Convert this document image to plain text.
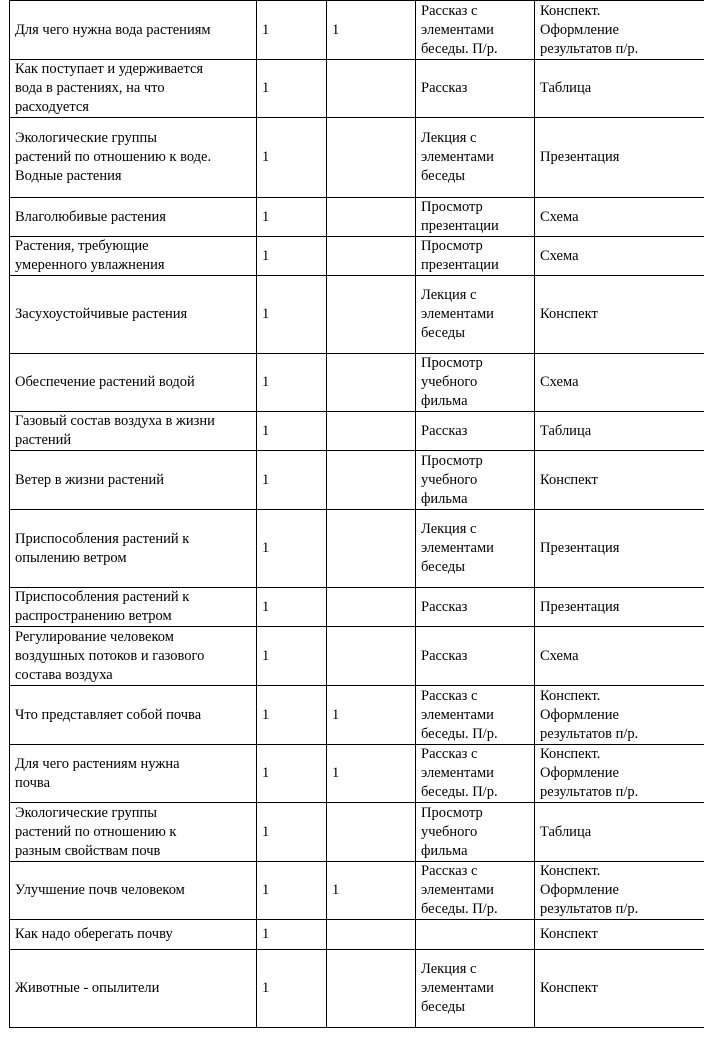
Для чего нужна вода растениям	1	1	Рассказ с
элементами
беседы. П/р.	Конспект.
Оформление
результатов п/р.
Как поступает и удерживается
вода в растениях, на что
расходуется	1		Рассказ	Таблица
Экологические группы
растений по отношению к воде.
Водные растения	1		Лекция с
элементами
беседы	Презентация
Влаголюбивые растения	1		Просмотр
презентации	Схема
Растения, требующие
умеренного увлажнения	1		Просмотр
презентации	Схема
Засухоустойчивые растения	1		Лекция с
элементами
беседы	Конспект
Обеспечение растений водой	1		Просмотр
учебного
фильма	Схема
Газовый состав воздуха в жизни
растений	1		Рассказ	Таблица
Ветер в жизни растений	1		Просмотр
учебного
фильма	Конспект
Приспособления растений к
опылению ветром	1		Лекция с
элементами
беседы	Презентация
Приспособления растений к
распространению ветром	1		Рассказ	Презентация
Регулирование человеком
воздушных потоков и газового
состава воздуха	1		Рассказ	Схема
Что представляет собой почва	1	1	Рассказ с
элементами
беседы. П/р.	Конспект.
Оформление
результатов п/р.
Для чего растениям нужна
почва	1	1	Рассказ с
элементами
беседы. П/р.	Конспект.
Оформление
результатов п/р.
Экологические группы
растений по отношению к
разным свойствам почв	1		Просмотр
учебного
фильма	Таблица
Улучшение почв человеком	1	1	Рассказ с
элементами
беседы. П/р.	Конспект.
Оформление
результатов п/р.
Как надо оберегать почву	1			Конспект
Животные - опылители	1		Лекция с
элементами
беседы	Конспект
